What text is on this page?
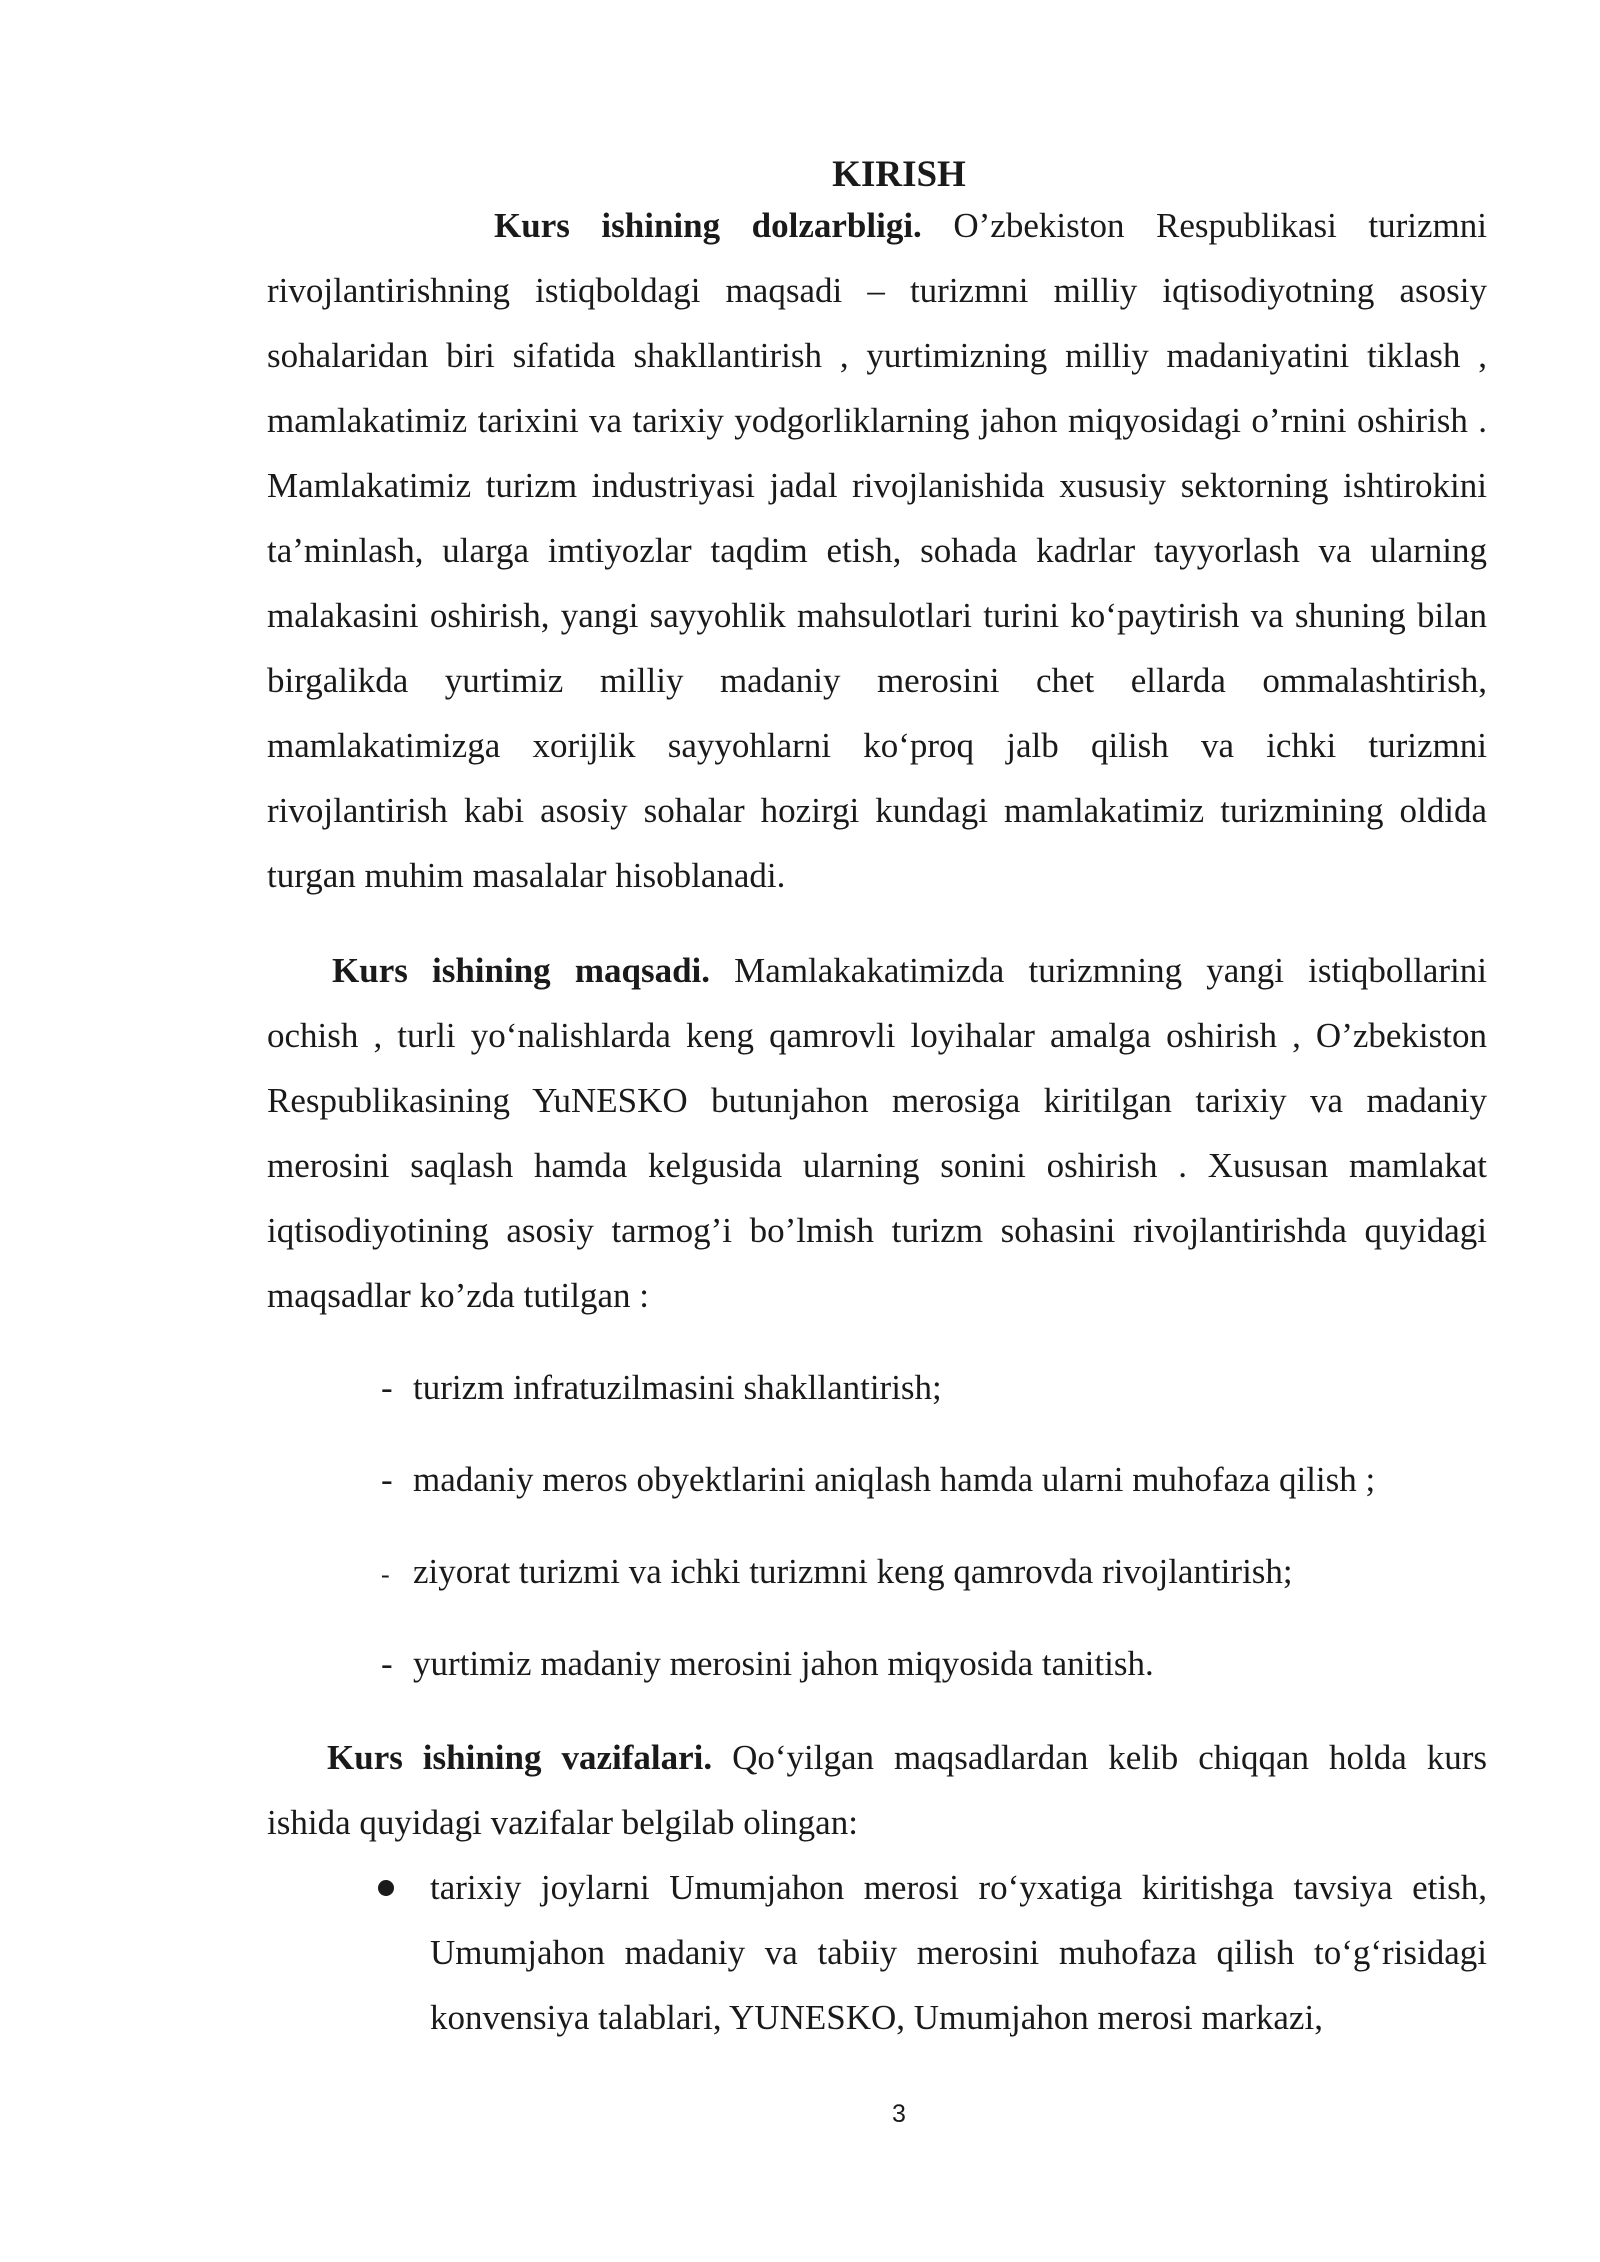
KIRISH

Kurs ishining dolzarbligi. O’zbekiston Respublikasi turizmni rivojlantirishning istiqboldagi maqsadi – turizmni milliy iqtisodiyotning asosiy sohalaridan biri sifatida shakllantirish , yurtimizning milliy madaniyatini tiklash , mamlakatimiz tarixini va tarixiy yodgorliklarning jahon miqyosidagi o’rnini oshirish . Mamlakatimiz turizm industriyasi jadal rivojlanishida xususiy sektorning ishtirokini ta’minlash, ularga imtiyozlar taqdim etish, sohada kadrlar tayyorlash va ularning malakasini oshirish, yangi sayyohlik mahsulotlari turini ko‘paytirish va shuning bilan birgalikda yurtimiz milliy madaniy merosini chet ellarda ommalashtirish, mamlakatimizga xorijlik sayyohlarni ko‘proq jalb qilish va ichki turizmni rivojlantirish kabi asosiy sohalar hozirgi kundagi mamlakatimiz turizmining oldida turgan muhim masalalar hisoblanadi.

Kurs ishining maqsadi. Mamlakakatimizda turizmning yangi istiqbollarini ochish , turli yo‘nalishlarda keng qamrovli loyihalar amalga oshirish , O’zbekiston Respublikasining YuNESKO butunjahon merosiga kiritilgan tarixiy va madaniy merosini saqlash hamda kelgusida ularning sonini oshirish . Xususan mamlakat iqtisodiyotining asosiy tarmog’i bo’lmish turizm sohasini rivojlantirishda quyidagi maqsadlar ko’zda tutilgan :

- turizm infratuzilmasini shakllantirish;
- madaniy meros obyektlarini aniqlash hamda ularni muhofaza qilish ;
- ziyorat turizmi va ichki turizmni keng qamrovda rivojlantirish;
- yurtimiz madaniy merosini jahon miqyosida tanitish.

Kurs ishining vazifalari. Qo‘yilgan maqsadlardan kelib chiqqan holda kurs ishida quyidagi vazifalar belgilab olingan:

tarixiy joylarni Umumjahon merosi ro‘yxatiga kiritishga tavsiya etish, Umumjahon madaniy va tabiiy merosini muhofaza qilish to‘g‘risidagi konvensiya talablari, YUNESKO, Umumjahon merosi markazi,

3
